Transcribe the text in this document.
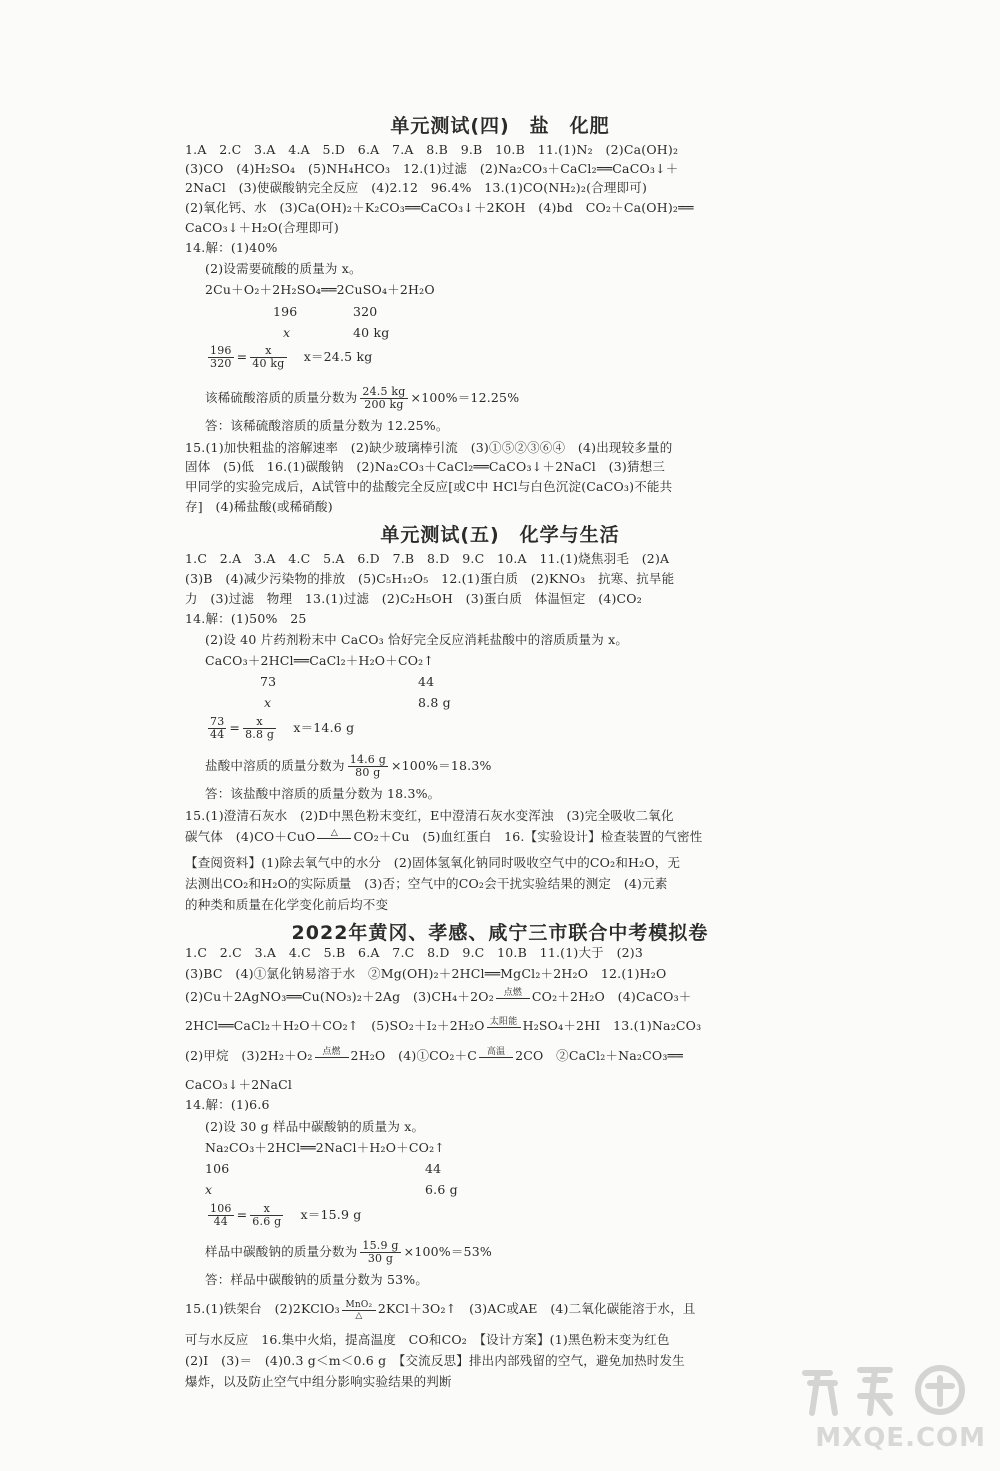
单元测试(四)　盐　化肥
1.A　2.C　3.A　4.A　5.D　6.A　7.A　8.B　9.B　10.B　11.(1)N₂　(2)Ca(OH)₂
(3)CO　(4)H₂SO₄　(5)NH₄HCO₃　12.(1)过滤　(2)Na₂CO₃＋CaCl₂══CaCO₃↓＋
2NaCl　(3)使碳酸钠完全反应　(4)2.12　96.4%　13.(1)CO(NH₂)₂(合理即可)
(2)氧化钙、水　(3)Ca(OH)₂＋K₂CO₃══CaCO₃↓＋2KOH　(4)bd　CO₂＋Ca(OH)₂══
CaCO₃↓＋H₂O(合理即可)
14.解：(1)40%
(2)设需要硫酸的质量为 x。
2Cu＋O₂＋2H₂SO₄══2CuSO₄＋2H₂O
196	320
x	40 kg
$\frac{196}{320} = \frac{x}{40 kg} x=24.5$ kg
该稀硫酸溶质的质量分数为 $\frac{24.5 kg}{200 kg} \times 100\%=12.25\%$
答：该稀硫酸溶质的质量分数为 12.25%。
15.(1)加快粗盐的溶解速率　(2)缺少玻璃棒引流　(3)①⑤②③⑥④　(4)出现较多量的
固体　(5)低　16.(1)碳酸钠　(2)Na₂CO₃＋CaCl₂══CaCO₃↓＋2NaCl　(3)猜想三
甲同学的实验完成后，A试管中的盐酸完全反应[或C中 HCl与白色沉淀(CaCO₃)不能共
存]　(4)稀盐酸(或稀硝酸)
单元测试(五)　化学与生活
1.C　2.A　3.A　4.C　5.A　6.D　7.B　8.D　9.C　10.A　11.(1)烧焦羽毛　(2)A
(3)B　(4)减少污染物的排放　(5)C₅H₁₂O₅　12.(1)蛋白质　(2)KNO₃　抗寒、抗旱能
力　(3)过滤　物理　13.(1)过滤　(2)C₂H₅OH　(3)蛋白质　体温恒定　(4)CO₂
14.解：(1)50%　25
(2)设 40 片药剂粉末中 CaCO₃ 恰好完全反应消耗盐酸中的溶质质量为 x。
CaCO₃＋2HCl══CaCl₂＋H₂O＋CO₂↑
73	44
x	8.8 g
$\frac{73}{44} = \frac{x}{8.8 g} x=14.6$ g
盐酸中溶质的质量分数为 $\frac{14.6 g}{80 g} \times 100\%=18.3\%$
答：该盐酸中溶质的质量分数为 18.3%。
15.(1)澄清石灰水　(2)D中黑色粉末变红，E中澄清石灰水变浑浊　(3)完全吸收二氧化
碳气体　(4)CO＋CuO	△	CO₂＋Cu　(5)血红蛋白　16.【实验设计】检查装置的气密性
【查阅资料】(1)除去氧气中的水分　(2)固体氢氧化钠同时吸收空气中的CO₂和H₂O，无
法测出CO₂和H₂O的实际质量　(3)否；空气中的CO₂会干扰实验结果的测定　(4)元素
的种类和质量在化学变化前后均不变
2022年黄冈、孝感、咸宁三市联合中考模拟卷
1.C　2.C　3.A　4.C　5.B　6.A　7.C　8.D　9.C　10.B　11.(1)大于　(2)3
(3)BC　(4)①氯化钠易溶于水　②Mg(OH)₂＋2HCl══MgCl₂＋2H₂O　12.(1)H₂O
(2)Cu＋2AgNO₃══Cu(NO₃)₂＋2Ag　(3)CH₄＋2O₂	点燃 CO₂＋2H₂O　(4)CaCO₃＋
2HCl══CaCl₂＋H₂O＋CO₂↑　(5)SO₂＋I₂＋2H₂O 太阳能 H₂SO₄＋2HI　13.(1)Na₂CO₃
(2)甲烷　(3)2H₂＋O₂	点燃 2H₂O　(4)①CO₂＋C	高温 2CO　②CaCl₂＋Na₂CO₃══
CaCO₃↓＋2NaCl
14.解：(1)6.6
(2)设 30 g 样品中碳酸钠的质量为 x。
Na₂CO₃＋2HCl══2NaCl＋H₂O＋CO₂↑
106	44
x	6.6 g
$\frac{106}{44} = \frac{x}{6.6 g} x=15.9$ g
样品中碳酸钠的质量分数为 $\frac{15.9 g}{30 g} \times 100\%=53\%$
答：样品中碳酸钠的质量分数为 53%。
15.(1)铁架台　(2)2KClO₃ MnO₂
△	2KCl＋3O₂↑　(3)AC或AE　(4)二氧化碳能溶于水，且
可与水反应　16.集中火焰，提高温度　CO和CO₂　【设计方案】(1)黑色粉末变为红色
(2)Ⅰ　(3)＝　(4)0.3 g＜m＜0.6 g　【交流反思】排出内部残留的空气，避免加热时发生
爆炸，以及防止空气中组分影响实验结果的判断
MXQE.COM
